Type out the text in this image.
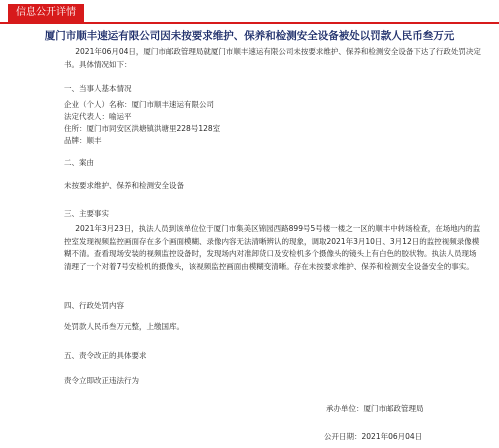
信息公开详情
厦门市顺丰速运有限公司因未按要求维护、保养和检测安全设备被处以罚款人民币叁万元
2021年06月04日，厦门市邮政管理局就厦门市顺丰速运有限公司未按要求维护、保养和检测安全设备下达了行政处罚决定书。具体情况如下：
一、当事人基本情况
企业（个人）名称：厦门市顺丰速运有限公司
法定代表人：喻运平
住所：厦门市同安区洪塘镇洪塘里228号128室
品牌：顺丰
二、案由
未按要求维护、保养和检测安全设备
三、主要事实
2021年3月23日，执法人员到该单位位于厦门市集美区锦园西路899号5号楼一楼之一区的顺丰中转场检查，在场地内的监控室发现视频监控画面存在多个画面模糊、录像内容无法清晰辨认的现象，调取2021年3月10日、3月12日的监控视频录像模糊不清。查看现场安装的视频监控设备时，发现场内对准卸货口及安检机多个摄像头的镜头上有白色的胶状物。执法人员现场清理了一个对着7号安检机的摄像头，该视频监控画面由模糊变清晰。存在未按要求维护、保养和检测安全设备安全的事实。
四、行政处罚内容
处罚款人民币叁万元整，上缴国库。
五、责令改正的具体要求
责令立即改正违法行为
承办单位：厦门市邮政管理局
公开日期：2021年06月04日
